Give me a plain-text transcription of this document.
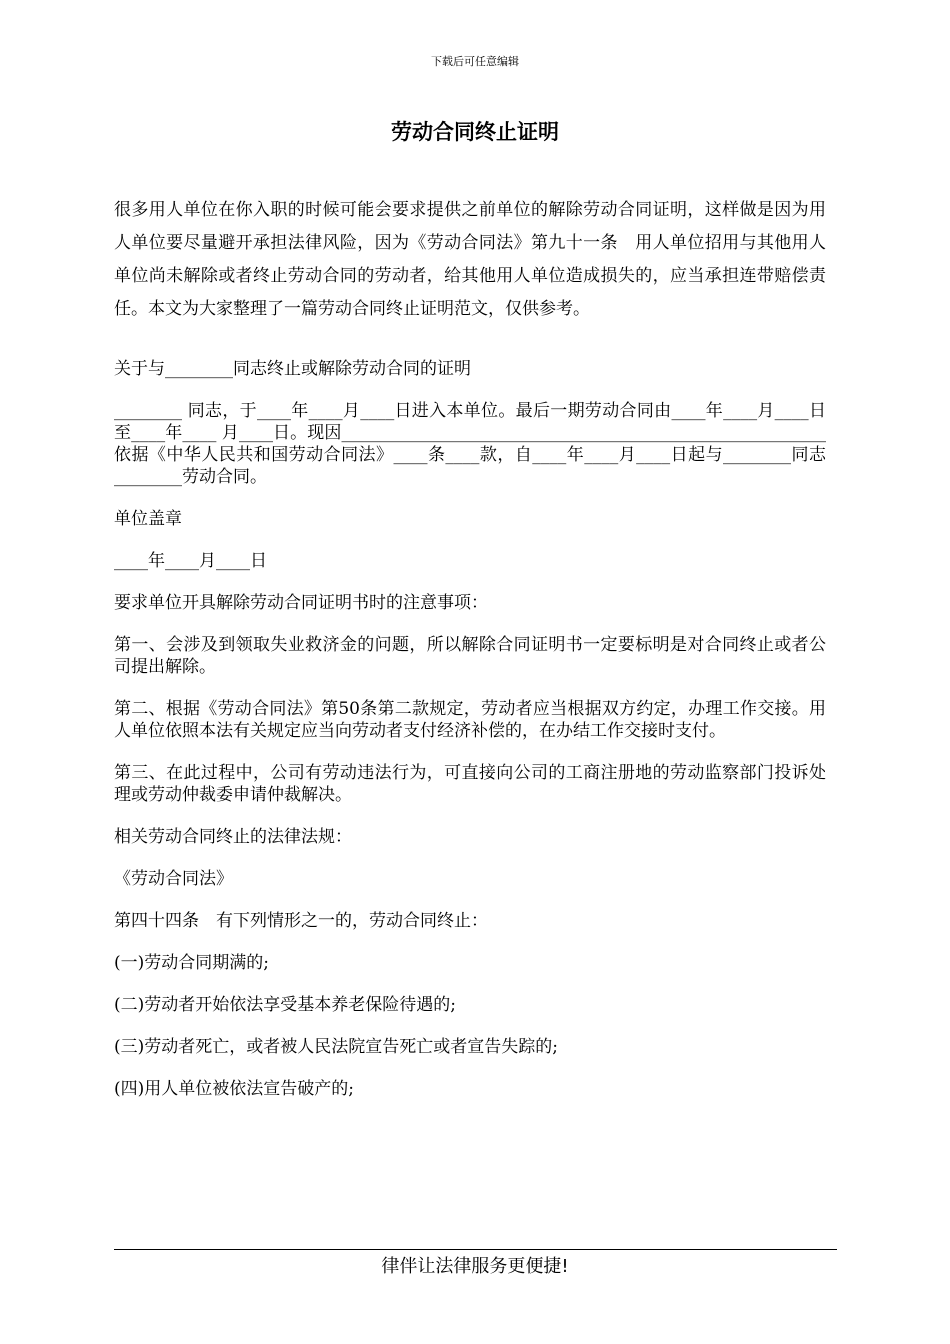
下载后可任意编辑
劳动合同终止证明

很多用人单位在你入职的时候可能会要求提供之前单位的解除劳动合同证明，这样做是因为用人单位要尽量避开承担法律风险，因为《劳动合同法》第九十一条　用人单位招用与其他用人单位尚未解除或者终止劳动合同的劳动者，给其他用人单位造成损失的，应当承担连带赔偿责任。本文为大家整理了一篇劳动合同终止证明范文，仅供参考。

关于与________同志终止或解除劳动合同的证明

________ 同志，于____年____月____日进入本单位。最后一期劳动合同由____年____月____日至____年____ 月____日。现因_________________________________________________________依据《中华人民共和国劳动合同法》____条____款，自____年____月____日起与________同志________劳动合同。

单位盖章

____年____月____日

要求单位开具解除劳动合同证明书时的注意事项：

第一、会涉及到领取失业救济金的问题，所以解除合同证明书一定要标明是对合同终止或者公司提出解除。

第二、根据《劳动合同法》第50条第二款规定，劳动者应当根据双方约定，办理工作交接。用人单位依照本法有关规定应当向劳动者支付经济补偿的，在办结工作交接时支付。

第三、在此过程中，公司有劳动违法行为，可直接向公司的工商注册地的劳动监察部门投诉处理或劳动仲裁委申请仲裁解决。

相关劳动合同终止的法律法规：

《劳动合同法》

第四十四条　有下列情形之一的，劳动合同终止：

(一)劳动合同期满的;

(二)劳动者开始依法享受基本养老保险待遇的;

(三)劳动者死亡，或者被人民法院宣告死亡或者宣告失踪的;

(四)用人单位被依法宣告破产的;

律伴让法律服务更便捷!
